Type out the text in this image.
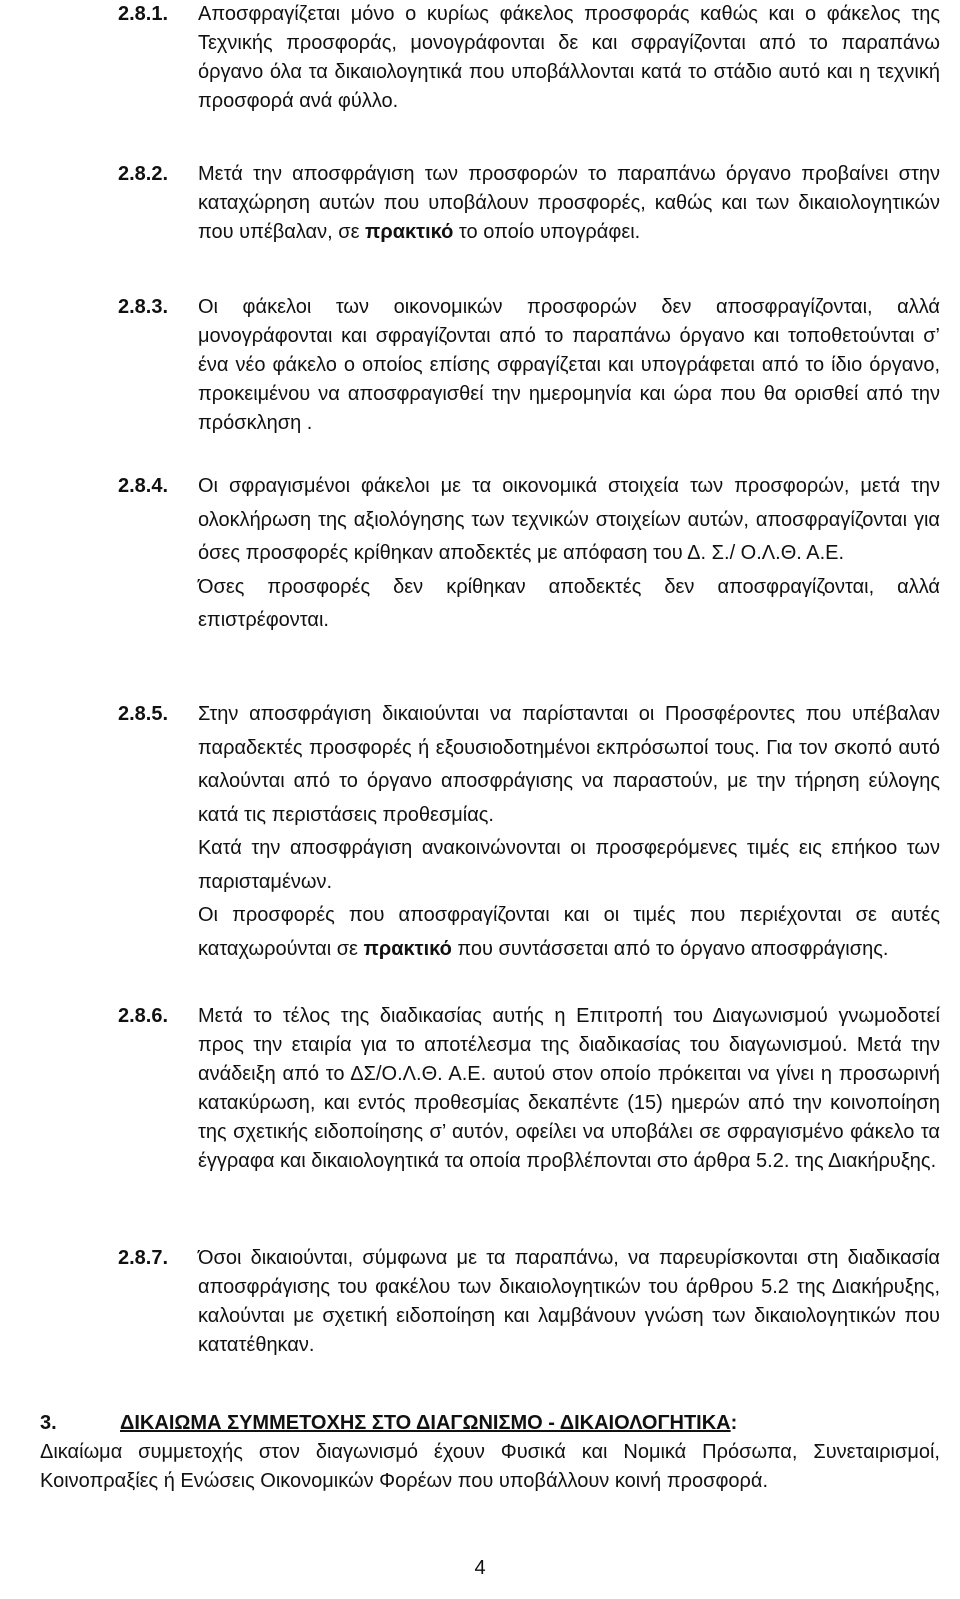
2.8.1.	Αποσφραγίζεται μόνο ο κυρίως φάκελος προσφοράς καθώς και ο φάκελος της Τεχνικής προσφοράς, μονογράφονται δε και σφραγίζονται από το παραπάνω όργανο όλα τα δικαιολογητικά που υποβάλλονται κατά το στάδιο αυτό και η τεχνική προσφορά ανά φύλλο.

2.8.2.	Μετά την αποσφράγιση των προσφορών το παραπάνω όργανο προβαίνει στην καταχώρηση αυτών που υποβάλουν προσφορές, καθώς και των δικαιολογητικών που υπέβαλαν, σε πρακτικό το οποίο υπογράφει.

2.8.3.	Οι φάκελοι των οικονομικών προσφορών δεν αποσφραγίζονται, αλλά μονογράφονται και σφραγίζονται από το παραπάνω όργανο και τοποθετούνται σ’ ένα νέο φάκελο ο οποίος επίσης σφραγίζεται και υπογράφεται από το ίδιο όργανο, προκειμένου να αποσφραγισθεί την ημερομηνία και ώρα που θα ορισθεί από την πρόσκληση .

2.8.4.	Οι σφραγισμένοι φάκελοι με τα οικονομικά στοιχεία των προσφορών, μετά την ολοκλήρωση της αξιολόγησης των τεχνικών στοιχείων αυτών, αποσφραγίζονται για όσες προσφορές κρίθηκαν αποδεκτές με απόφαση του Δ. Σ./ Ο.Λ.Θ. Α.Ε.

Όσες προσφορές δεν κρίθηκαν αποδεκτές δεν αποσφραγίζονται, αλλά επιστρέφονται.

2.8.5.	Στην αποσφράγιση δικαιούνται να παρίστανται οι Προσφέροντες που υπέβαλαν παραδεκτές προσφορές ή εξουσιοδοτημένοι εκπρόσωποί τους. Για τον σκοπό αυτό καλούνται από το όργανο αποσφράγισης να παραστούν, με την τήρηση εύλογης κατά τις περιστάσεις προθεσμίας.

Κατά την αποσφράγιση ανακοινώνονται οι προσφερόμενες τιμές εις επήκοο των παρισταμένων.

Οι προσφορές που αποσφραγίζονται και οι τιμές που περιέχονται σε αυτές καταχωρούνται σε πρακτικό που συντάσσεται από το όργανο αποσφράγισης.

2.8.6.	Μετά το τέλος της διαδικασίας αυτής η Επιτροπή του Διαγωνισμού γνωμοδοτεί προς την εταιρία για το αποτέλεσμα της διαδικασίας του διαγωνισμού. Μετά την ανάδειξη από το ΔΣ/Ο.Λ.Θ. Α.Ε. αυτού στον οποίο πρόκειται να γίνει η προσωρινή κατακύρωση, και εντός προθεσμίας δεκαπέντε (15) ημερών από την κοινοποίηση της σχετικής ειδοποίησης σ’ αυτόν, οφείλει να υποβάλει σε σφραγισμένο φάκελο τα έγγραφα και δικαιολογητικά τα οποία προβλέπονται στο άρθρα 5.2. της Διακήρυξης.

2.8.7.	Όσοι δικαιούνται, σύμφωνα με τα παραπάνω, να παρευρίσκονται στη διαδικασία αποσφράγισης του φακέλου των δικαιολογητικών του άρθρου 5.2 της Διακήρυξης, καλούνται με σχετική ειδοποίηση και λαμβάνουν γνώση των δικαιολογητικών που κατατέθηκαν.

3.	ΔΙΚΑΙΩΜΑ ΣΥΜΜΕΤΟΧΗΣ ΣΤΟ ΔΙΑΓΩΝΙΣΜΟ - ΔΙΚΑΙΟΛΟΓΗΤΙΚΑ:

Δικαίωμα συμμετοχής στον διαγωνισμό έχουν Φυσικά και Νομικά Πρόσωπα, Συνεταιρισμοί, Κοινοπραξίες ή Ενώσεις Οικονομικών Φορέων που υποβάλλουν κοινή προσφορά.

4
